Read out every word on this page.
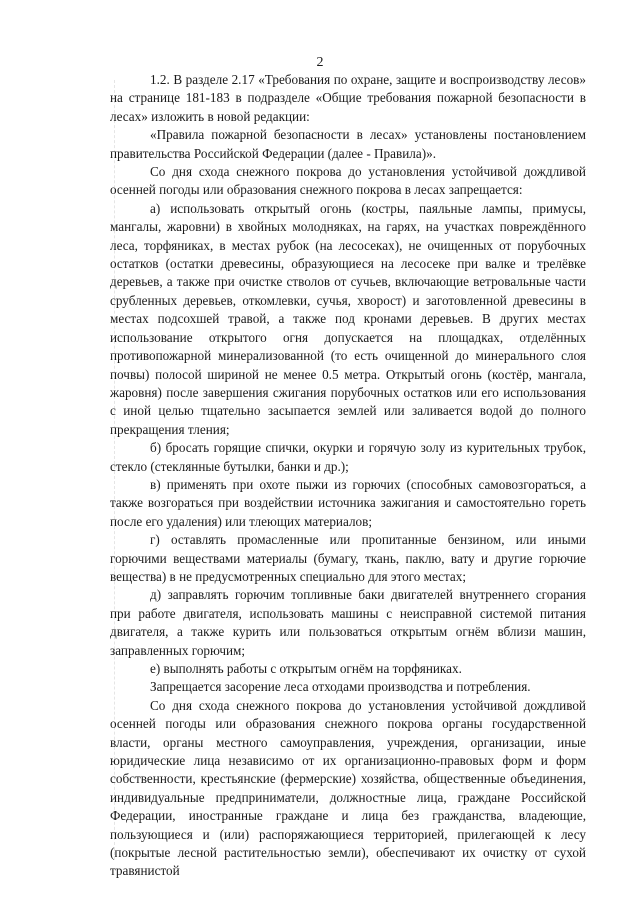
2

1.2. В разделе 2.17 «Требования по охране, защите и воспроизводству лесов» на странице 181-183 в подразделе «Общие требования пожарной безопасности в лесах» изложить в новой редакции:

«Правила пожарной безопасности в лесах» установлены постановлением правительства Российской Федерации (далее - Правила)».

Со дня схода снежного покрова до установления устойчивой дождливой осенней погоды или образования снежного покрова в лесах запрещается:

а) использовать открытый огонь (костры, паяльные лампы, примусы, мангалы, жаровни) в хвойных молодняках, на гарях, на участках повреждённого леса, торфяниках, в местах рубок (на лесосеках), не очищенных от порубочных остатков (остатки древесины, образующиеся на лесосеке при валке и трелёвке деревьев, а также при очистке стволов от сучьев, включающие ветровальные части срубленных деревьев, откомлевки, сучья, хворост) и заготовленной древесины в местах подсохшей травой, а также под кронами деревьев. В других местах использование открытого огня допускается на площадках, отделённых противопожарной минерализованной (то есть очищенной до минерального слоя почвы) полосой шириной не менее 0.5 метра. Открытый огонь (костёр, мангала, жаровня) после завершения сжигания порубочных остатков или его использования с иной целью тщательно засыпается землей или заливается водой до полного прекращения тления;

б) бросать горящие спички, окурки и горячую золу из курительных трубок, стекло (стеклянные бутылки, банки и др.);

в) применять при охоте пыжи из горючих (способных самовозгораться, а также возгораться при воздействии источника зажигания и самостоятельно гореть после его удаления) или тлеющих материалов;

г) оставлять промасленные или пропитанные бензином, или иными горючими веществами материалы (бумагу, ткань, паклю, вату и другие горючие вещества) в не предусмотренных специально для этого местах;

д) заправлять горючим топливные баки двигателей внутреннего сгорания при работе двигателя, использовать машины с неисправной системой питания двигателя, а также курить или пользоваться открытым огнём вблизи машин, заправленных горючим;

е) выполнять работы с открытым огнём на торфяниках.

Запрещается засорение леса отходами производства и потребления.

Со дня схода снежного покрова до установления устойчивой дождливой осенней погоды или образования снежного покрова органы государственной власти, органы местного самоуправления, учреждения, организации, иные юридические лица независимо от их организационно-правовых форм и форм собственности, крестьянские (фермерские) хозяйства, общественные объединения, индивидуальные предприниматели, должностные лица, граждане Российской Федерации, иностранные граждане и лица без гражданства, владеющие, пользующиеся и (или) распоряжающиеся территорией, прилегающей к лесу (покрытые лесной растительностью земли), обеспечивают их очистку от сухой травянистой
